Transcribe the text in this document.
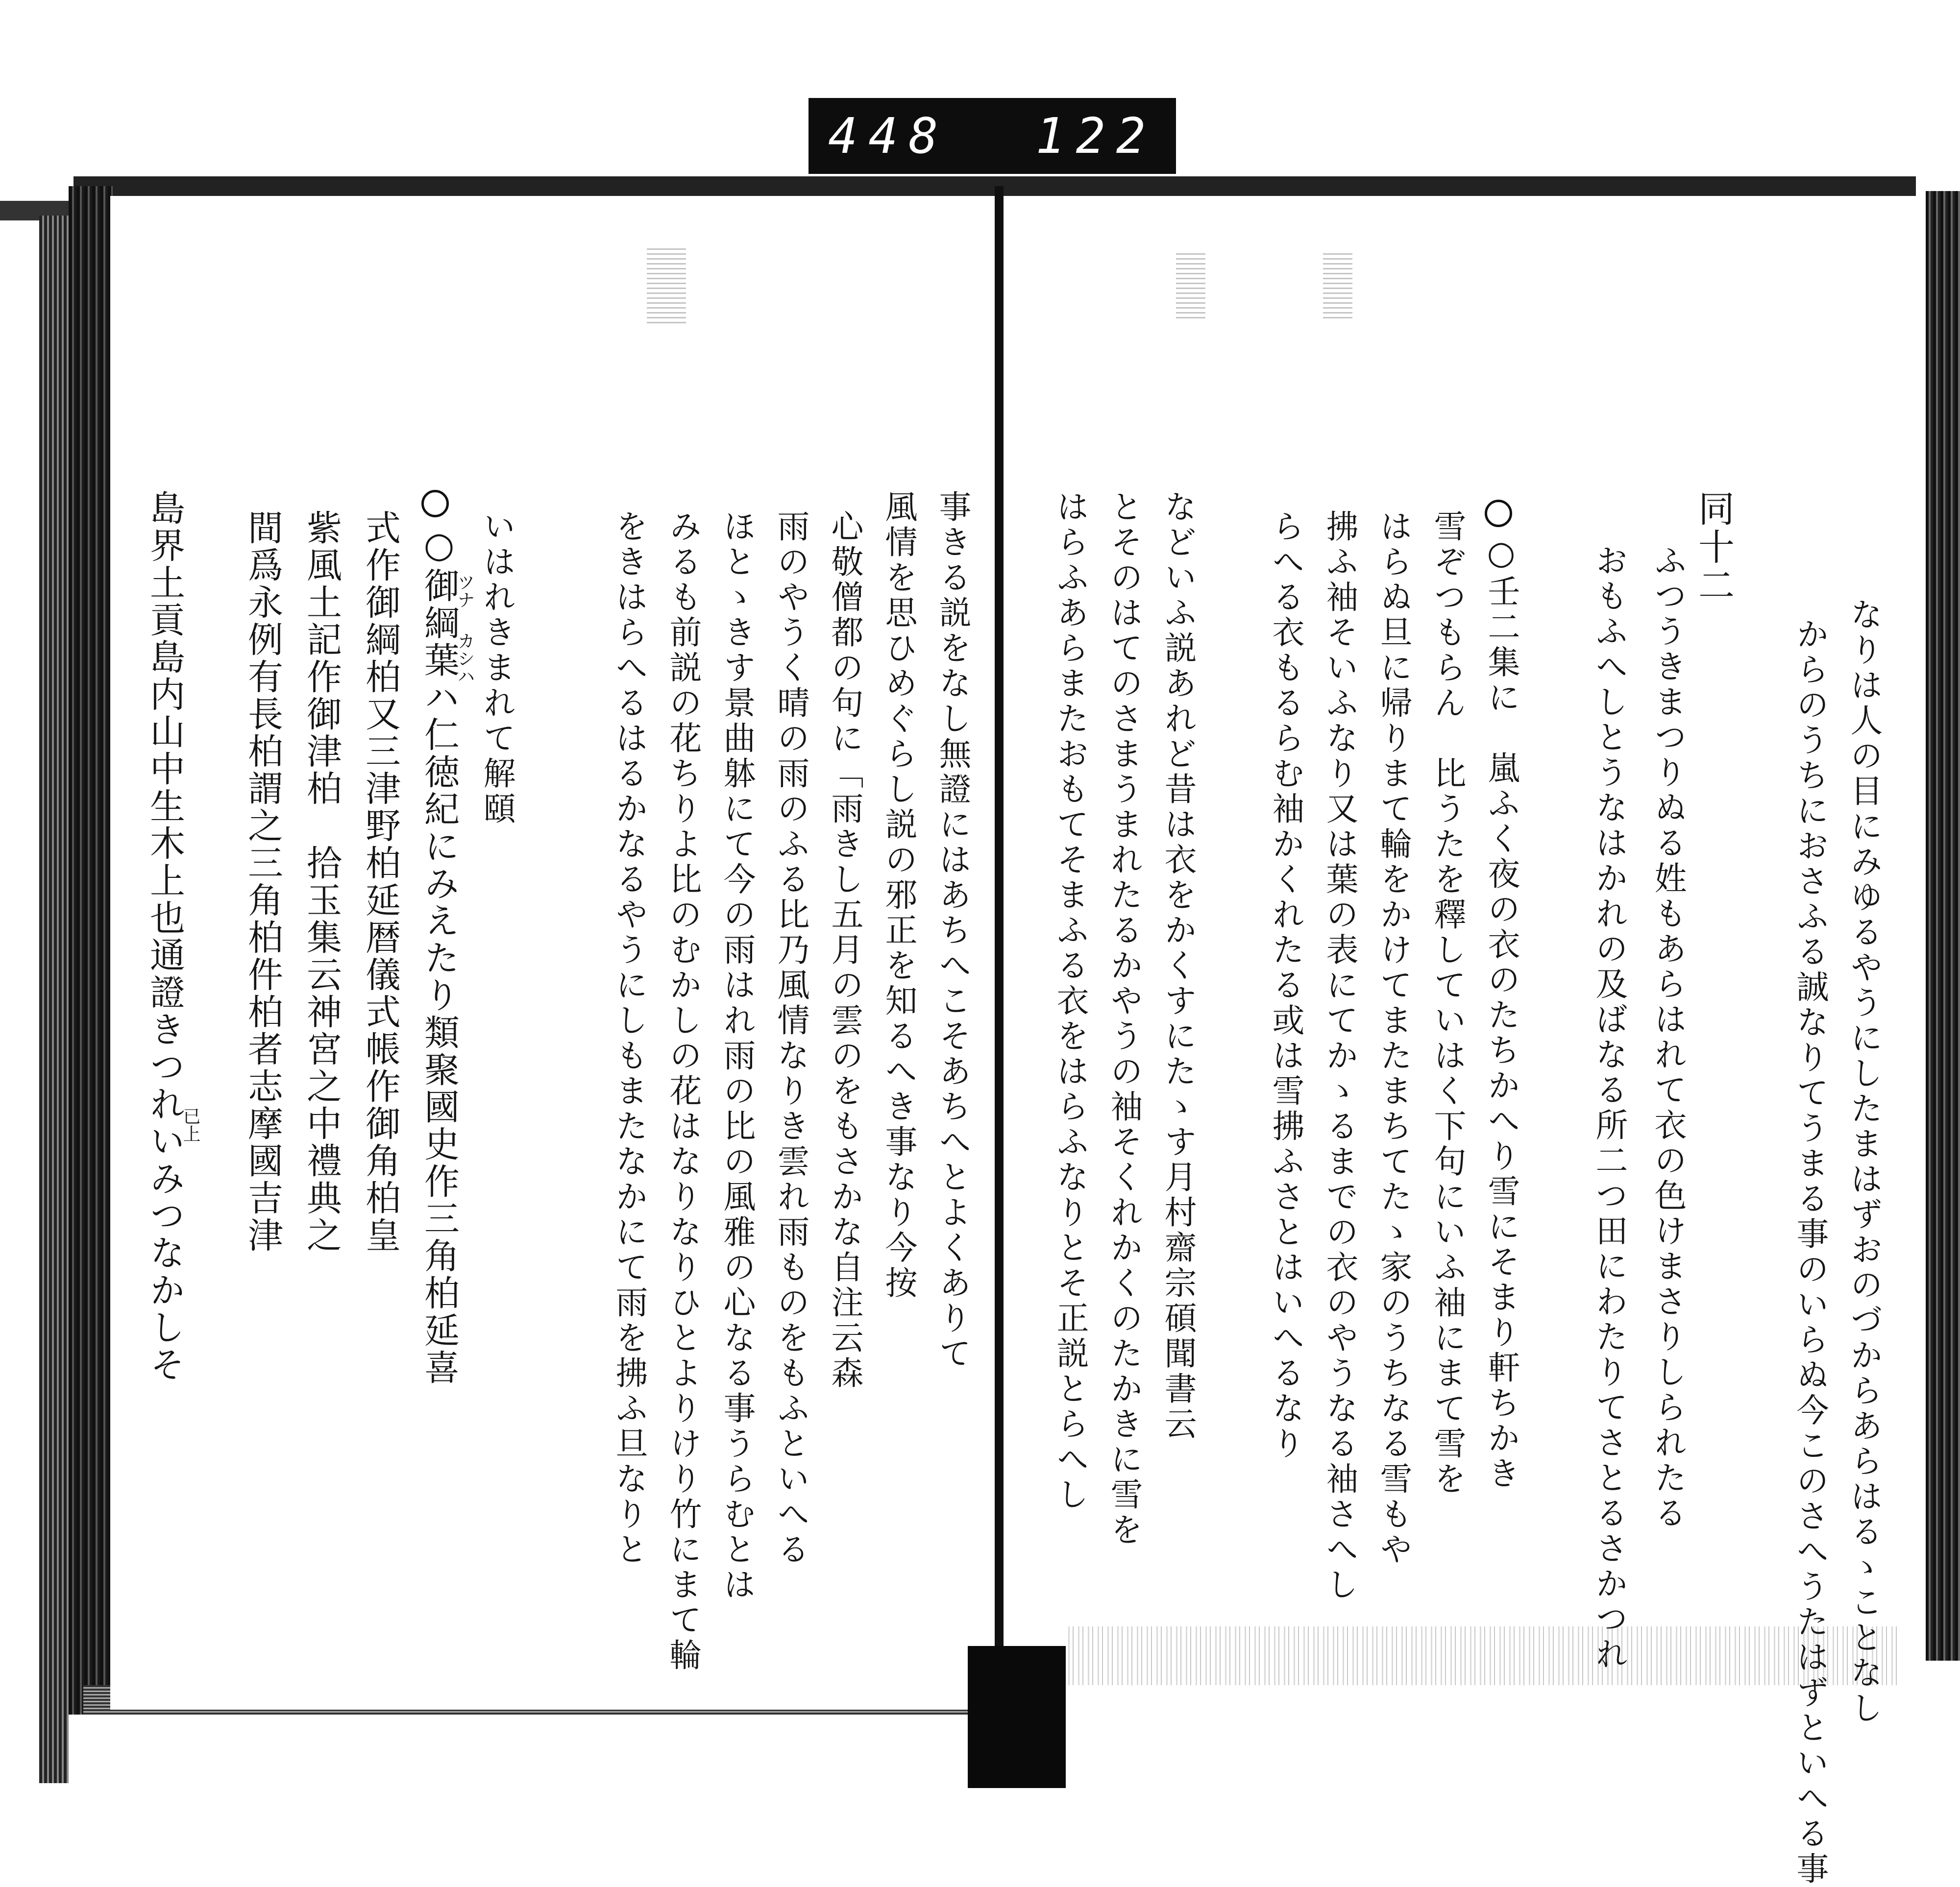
448 122
なりは人の目にみゆるやうにしたまはずおのづからあらはるゝことなし
からのうちにおさふる誠なりてうまる事のいらぬ今このさへうたはずといへる事
同十二
ふつうきまつりぬる姓もあらはれて衣の色けまさりしられたる
おもふへしとうなはかれの及ばなる所二つ田にわたりてさとるさかつれ
○壬二集に　嵐ふく夜の衣のたちかへり雪にそまり軒ちかき
雪ぞつもらん　比うたを釋していはく下句にいふ袖にまて雪を
はらぬ旦に帰りまて輪をかけてまたまちてたゝ家のうちなる雪もや
拂ふ袖そいふなり又は葉の表にてかゝるまでの衣のやうなる袖さへし
らへる衣もるらむ袖かくれたる或は雪拂ふさとはいへるなり
などいふ説あれど昔は衣をかくすにたゝす月村齋宗碩聞書云
とそのはてのさまうまれたるかやうの袖そくれかくのたかきに雪を
はらふあらまたおもてそまふる衣をはらふなりとそ正説とらへし
事きる説をなし無證にはあちへこそあちへとよくありて
風情を思ひめぐらし説の邪正を知るへき事なり今按
心敬僧都の句に「雨きし五月の雲のをもさかな自注云森
雨のやうく晴の雨のふる比乃風情なりき雲れ雨ものをもふといへる
ほとゝきす景曲躰にて今の雨はれ雨の比の風雅の心なる事うらむとは
みるも前説の花ちりよ比のむかしの花はなりなりひとよりけり竹にまて輪
をきはらへるはるかなるやうにしもまたなかにて雨を拂ふ旦なりと
いはれきまれて解頤
ツナ
カシハ
○御綱葉ハ仁徳紀にみえたり類聚國史作三角柏延喜
式作御綱柏又三津野柏延暦儀式帳作御角柏皇
紫風土記作御津柏　拾玉集云神宮之中禮典之
間爲永例有長柏謂之三角柏件柏者志摩國吉津
島界土貢島内山中生木上也通證きつれいみつなかしそ
已上
